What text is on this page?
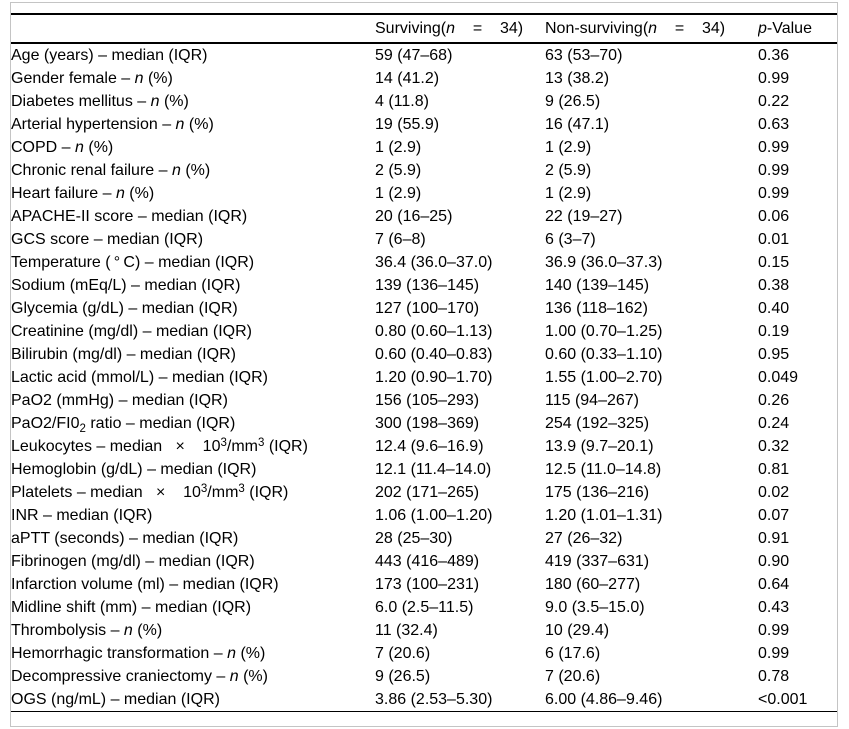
	Surviving(n    =    34)	Non-surviving(n    =    34)	p-Value
Age (years) – median (IQR)	59 (47–68)	63 (53–70)	0.36
Gender female – n (%)	14 (41.2)	13 (38.2)	0.99
Diabetes mellitus – n (%)	4 (11.8)	9 (26.5)	0.22
Arterial hypertension – n (%)	19 (55.9)	16 (47.1)	0.63
COPD – n (%)	1 (2.9)	1 (2.9)	0.99
Chronic renal failure – n (%)	2 (5.9)	2 (5.9)	0.99
Heart failure – n (%)	1 (2.9)	1 (2.9)	0.99
APACHE-II score – median (IQR)	20 (16–25)	22 (19–27)	0.06
GCS score – median (IQR)	7 (6–8)	6 (3–7)	0.01
Temperature ( ° C) – median (IQR)	36.4 (36.0–37.0)	36.9 (36.0–37.3)	0.15
Sodium (mEq/L) – median (IQR)	139 (136–145)	140 (139–145)	0.38
Glycemia (g/dL) – median (IQR)	127 (100–170)	136 (118–162)	0.40
Creatinine (mg/dl) – median (IQR)	0.80 (0.60–1.13)	1.00 (0.70–1.25)	0.19
Bilirubin (mg/dl) – median (IQR)	0.60 (0.40–0.83)	0.60 (0.33–1.10)	0.95
Lactic acid (mmol/L) – median (IQR)	1.20 (0.90–1.70)	1.55 (1.00–2.70)	0.049
PaO2 (mmHg) – median (IQR)	156 (105–293)	115 (94–267)	0.26
$PaO2/FI0_2$ ratio – median (IQR)	300 (198–369)	254 (192–325)	0.24
Leukocytes – median   ×    $10^3/mm^3$ (IQR)	12.4 (9.6–16.9)	13.9 (9.7–20.1)	0.32
Hemoglobin (g/dL) – median (IQR)	12.1 (11.4–14.0)	12.5 (11.0–14.8)	0.81
Platelets – median   ×    $10^3/mm^3$ (IQR)	202 (171–265)	175 (136–216)	0.02
INR – median (IQR)	1.06 (1.00–1.20)	1.20 (1.01–1.31)	0.07
aPTT (seconds) – median (IQR)	28 (25–30)	27 (26–32)	0.91
Fibrinogen (mg/dl) – median (IQR)	443 (416–489)	419 (337–631)	0.90
Infarction volume (ml) – median (IQR)	173 (100–231)	180 (60–277)	0.64
Midline shift (mm) – median (IQR)	6.0 (2.5–11.5)	9.0 (3.5–15.0)	0.43
Thrombolysis – n (%)	11 (32.4)	10 (29.4)	0.99
Hemorrhagic transformation – n (%)	7 (20.6)	6 (17.6)	0.99
Decompressive craniectomy – n (%)	9 (26.5)	7 (20.6)	0.78
OGS (ng/mL) – median (IQR)	3.86 (2.53–5.30)	6.00 (4.86–9.46)	<0.001
